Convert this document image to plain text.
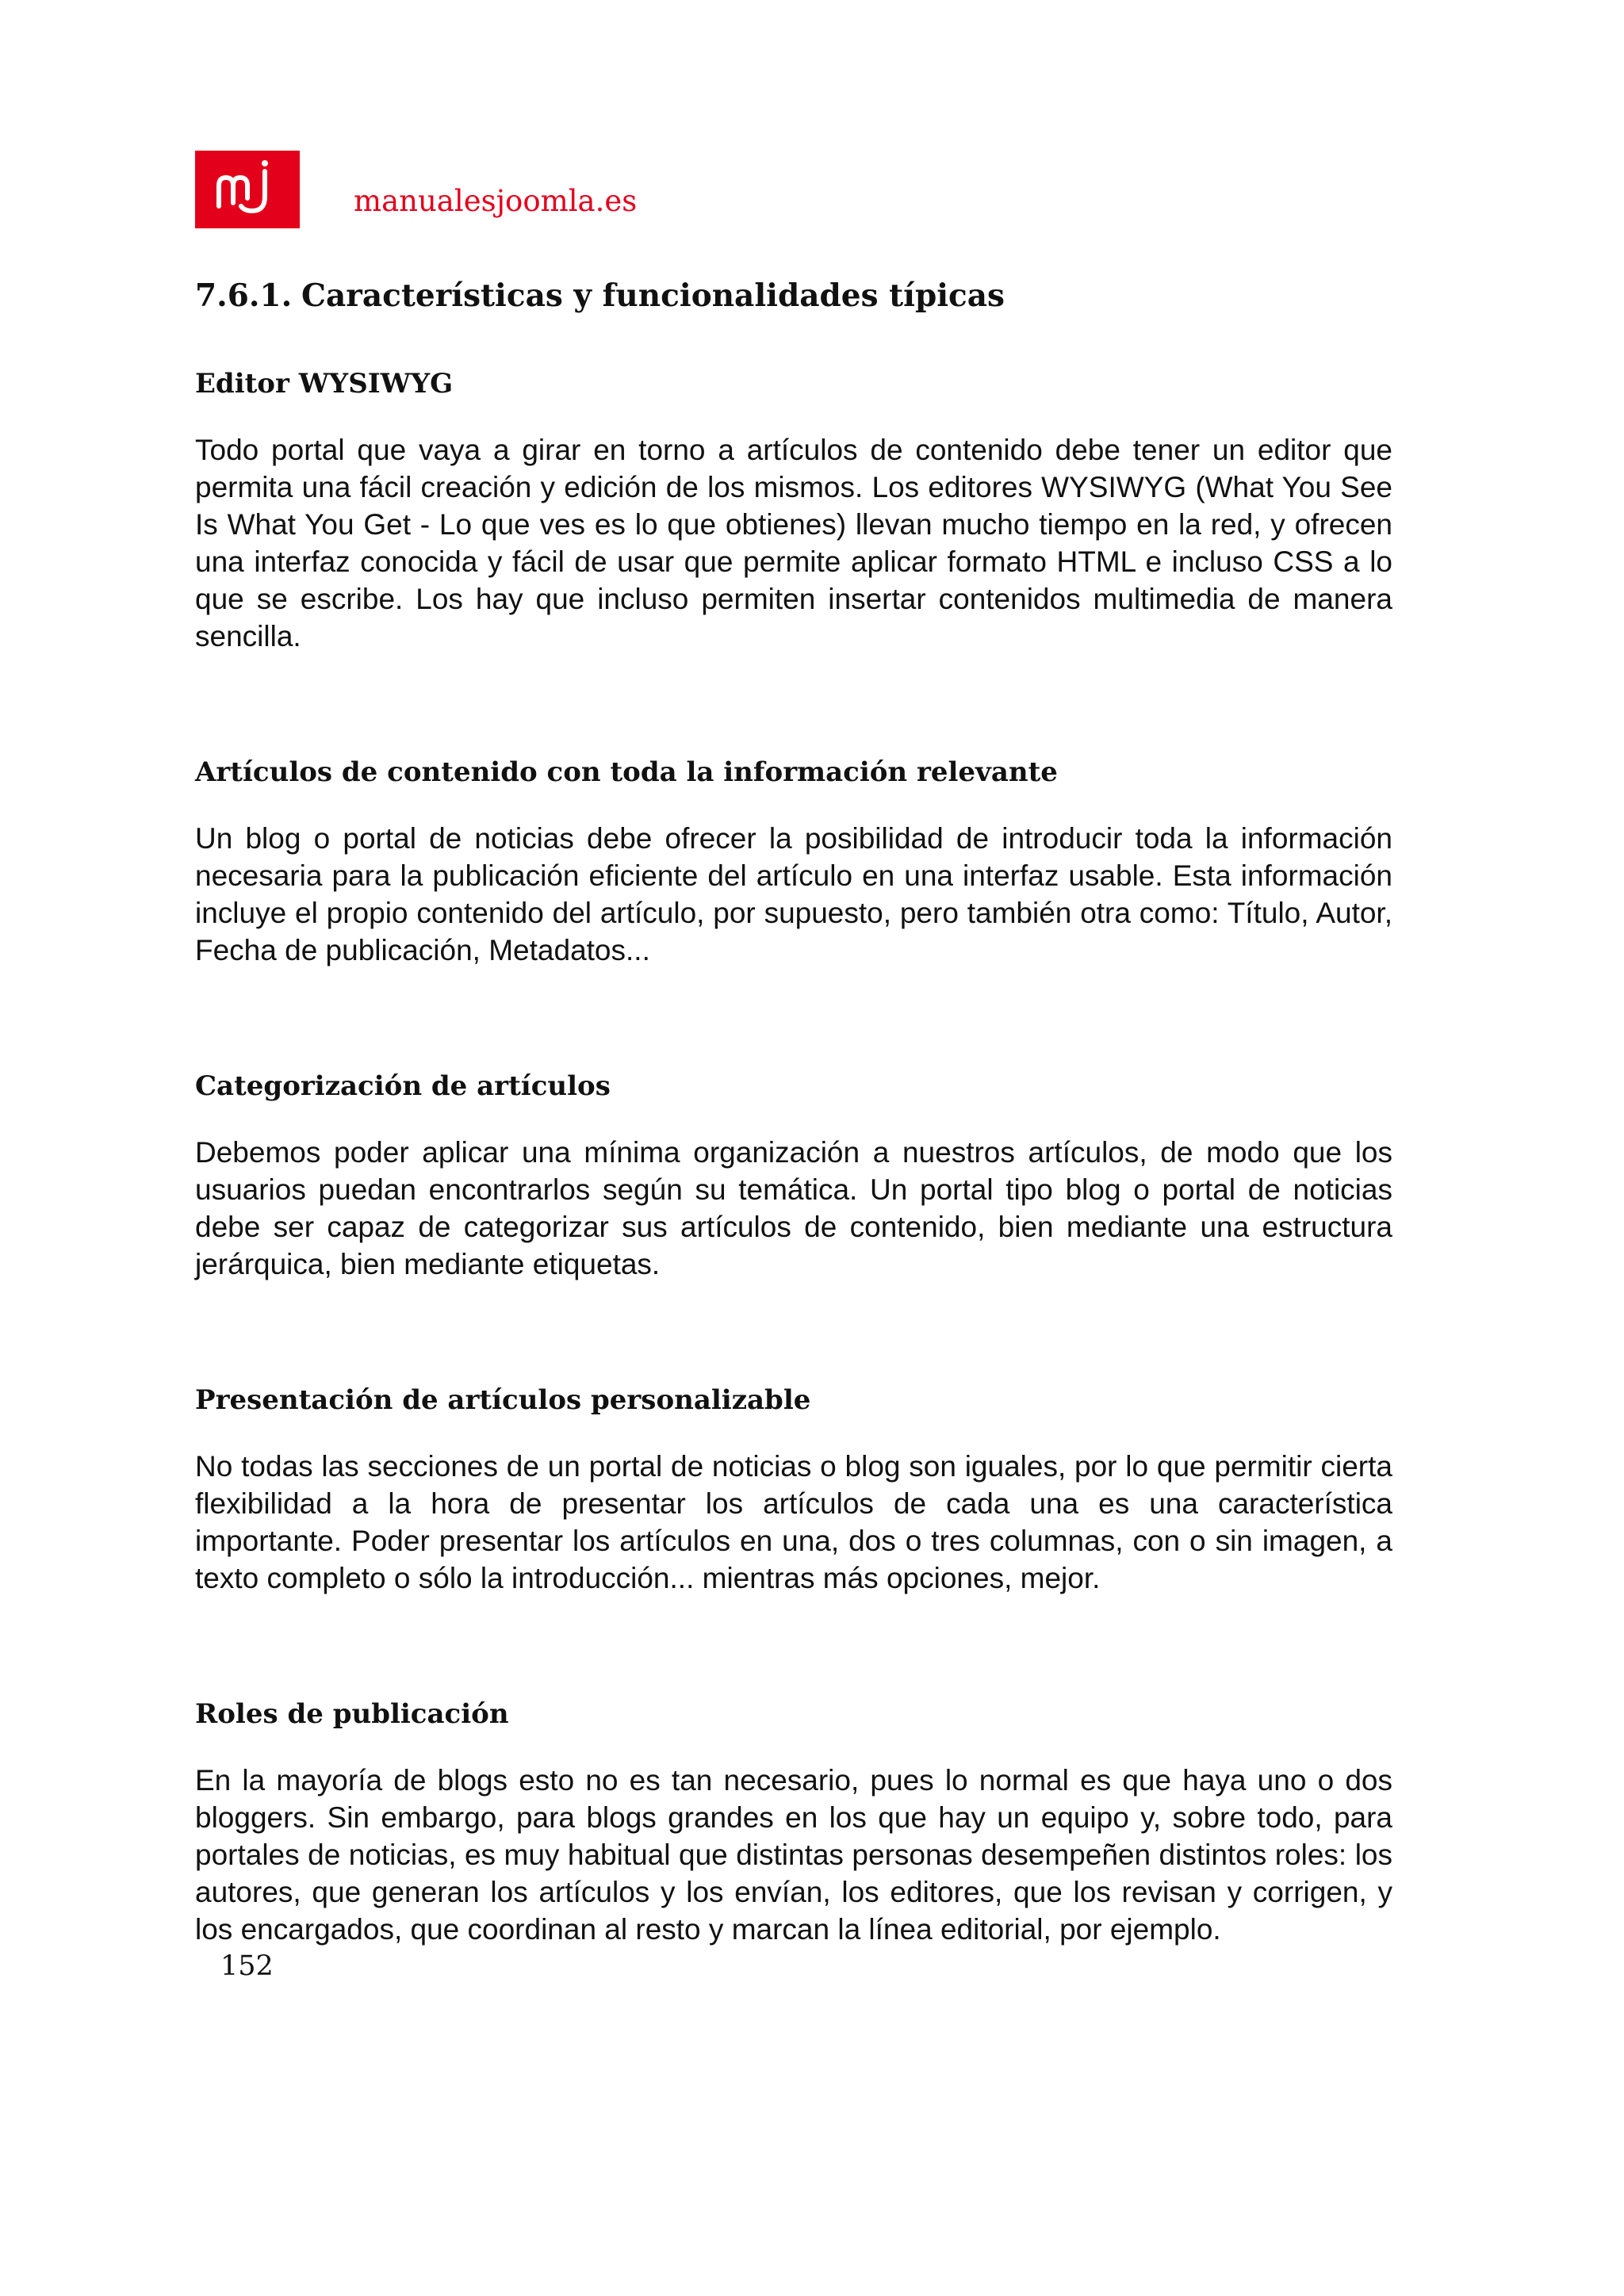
manualesjoomla.es
7.6.1. Características y funcionalidades típicas
Editor WYSIWYG

Todo portal que vaya a girar en torno a artículos de contenido debe tener un editor que permita una fácil creación y edición de los mismos. Los editores WYSIWYG (What You See Is What You Get - Lo que ves es lo que obtienes) llevan mucho tiempo en la red, y ofrecen una interfaz conocida y fácil de usar que permite aplicar formato HTML e incluso CSS a lo que se escribe. Los hay que incluso permiten insertar contenidos multimedia de manera sencilla.

Artículos de contenido con toda la información relevante

Un blog o portal de noticias debe ofrecer la posibilidad de introducir toda la información necesaria para la publicación eficiente del artículo en una interfaz usable. Esta información incluye el propio contenido del artículo, por supuesto, pero también otra como: Título, Autor, Fecha de publicación, Metadatos...

Categorización de artículos

Debemos poder aplicar una mínima organización a nuestros artículos, de modo que los usuarios puedan encontrarlos según su temática. Un portal tipo blog o portal de noticias debe ser capaz de categorizar sus artículos de contenido, bien mediante una estructura jerárquica, bien mediante etiquetas.

Presentación de artículos personalizable

No todas las secciones de un portal de noticias o blog son iguales, por lo que permitir cierta flexibilidad a la hora de presentar los artículos de cada una es una característica importante. Poder presentar los artículos en una, dos o tres columnas, con o sin imagen, a texto completo o sólo la introducción... mientras más opciones, mejor.

Roles de publicación

En la mayoría de blogs esto no es tan necesario, pues lo normal es que haya uno o dos bloggers. Sin embargo, para blogs grandes en los que hay un equipo y, sobre todo, para portales de noticias, es muy habitual que distintas personas desempeñen distintos roles: los autores, que generan los artículos y los envían, los editores, que los revisan y corrigen, y los encargados, que coordinan al resto y marcan la línea editorial, por ejemplo.

152
